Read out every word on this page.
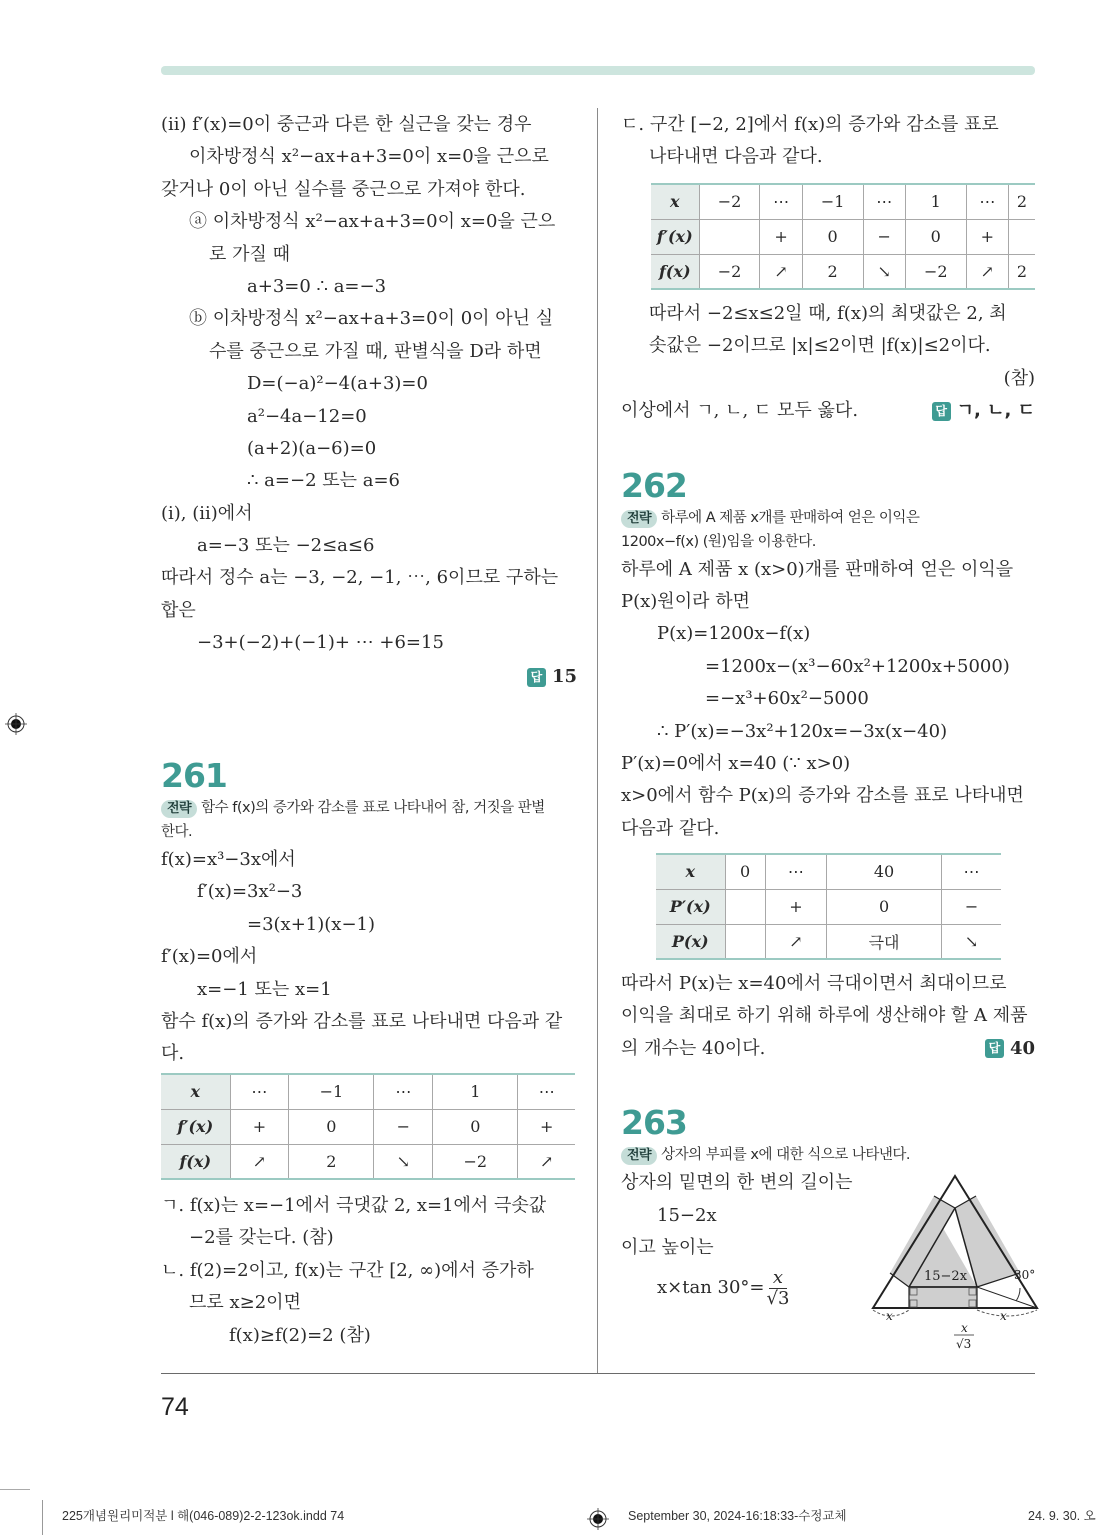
(ii) f′(x)=0이 중근과 다른 한 실근을 갖는 경우
이차방정식 x²−ax+a+3=0이 x=0을 근으로
갖거나 0이 아닌 실수를 중근으로 가져야 한다.
ⓐ 이차방정식 x²−ax+a+3=0이 x=0을 근으
로 가질 때
a+3=0 ∴ a=−3
ⓑ 이차방정식 x²−ax+a+3=0이 0이 아닌 실
수를 중근으로 가질 때, 판별식을 D라 하면
D=(−a)²−4(a+3)=0
a²−4a−12=0
(a+2)(a−6)=0
∴ a=−2 또는 a=6
(i), (ii)에서
a=−3 또는 −2≤a≤6
따라서 정수 a는 −3, −2, −1, ⋯, 6이므로 구하는
합은
−3+(−2)+(−1)+ ⋯ +6=15
답 15
261
전략 함수 f(x)의 증가와 감소를 표로 나타내어 참, 거짓을 판별
한다.
f(x)=x³−3x에서
f′(x)=3x²−3
=3(x+1)(x−1)
f′(x)=0에서
x=−1 또는 x=1
함수 f(x)의 증가와 감소를 표로 나타내면 다음과 같
다.
x	⋯	−1	⋯	1	⋯
f′(x)	+	0	−	0	+
f(x)	↗	2	↘	−2	↗
ㄱ. f(x)는 x=−1에서 극댓값 2, x=1에서 극솟값
−2를 갖는다. (참)
ㄴ. f(2)=2이고, f(x)는 구간 [2, ∞)에서 증가하
므로 x≥2이면
f(x)≥f(2)=2 (참)
ㄷ. 구간 [−2, 2]에서 f(x)의 증가와 감소를 표로
나타내면 다음과 같다.
x	−2	⋯	−1	⋯	1	⋯	2
f′(x)		+	0	−	0	+	
f(x)	−2	↗	2	↘	−2	↗	2
따라서 −2≤x≤2일 때, f(x)의 최댓값은 2, 최
솟값은 −2이므로 |x|≤2이면 |f(x)|≤2이다.
(참)
이상에서 ㄱ, ㄴ, ㄷ 모두 옳다.	답 ㄱ, ㄴ, ㄷ
262
전략 하루에 A 제품 x개를 판매하여 얻은 이익은
1200x−f(x) (원)임을 이용한다.
하루에 A 제품 x (x>0)개를 판매하여 얻은 이익을
P(x)원이라 하면
P(x)=1200x−f(x)
=1200x−(x³−60x²+1200x+5000)
=−x³+60x²−5000
∴ P′(x)=−3x²+120x=−3x(x−40)
P′(x)=0에서 x=40 (∵ x>0)
x>0에서 함수 P(x)의 증가와 감소를 표로 나타내면
다음과 같다.
x	0	⋯	40	⋯
P′(x)		+	0	−
P(x)		↗	극대	↘
따라서 P(x)는 x=40에서 극대이면서 최대이므로
이익을 최대로 하기 위해 하루에 생산해야 할 A 제품
의 개수는 40이다.	답 40
263
전략 상자의 부피를 x에 대한 식으로 나타낸다.
상자의 밑면의 한 변의 길이는
15−2x
이고 높이는
x×tan $30^\circ= \frac{x}{√3}$	15−2x	30°
x	x
x
√3
74
225개념원리미적분 l 해(046-089)2-2-123ok.indd 74	September 30, 2024-16:18:33-수정교체	24. 9. 30. 오
